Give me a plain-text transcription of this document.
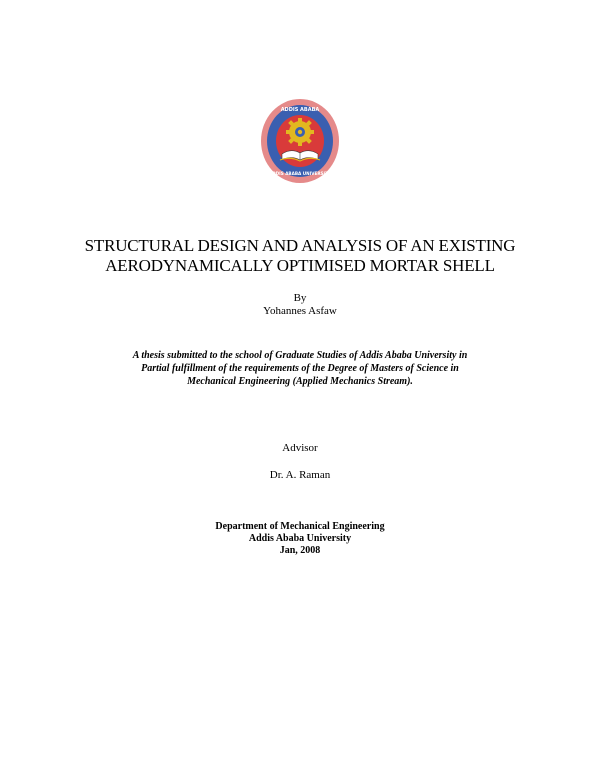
ADDIS ABABA
ADDIS ABABA UNIVERSITY
STRUCTURAL DESIGN AND ANALYSIS OF AN EXISTING
AERODYNAMICALLY OPTIMISED MORTAR SHELL
By
Yohannes Asfaw
A thesis submitted to the school of Graduate Studies of Addis Ababa University in
Partial fulfillment of the requirements of the Degree of Masters of Science in
Mechanical Engineering (Applied Mechanics Stream).
Advisor
Dr. A. Raman
Department of Mechanical Engineering
Addis Ababa University
Jan, 2008
